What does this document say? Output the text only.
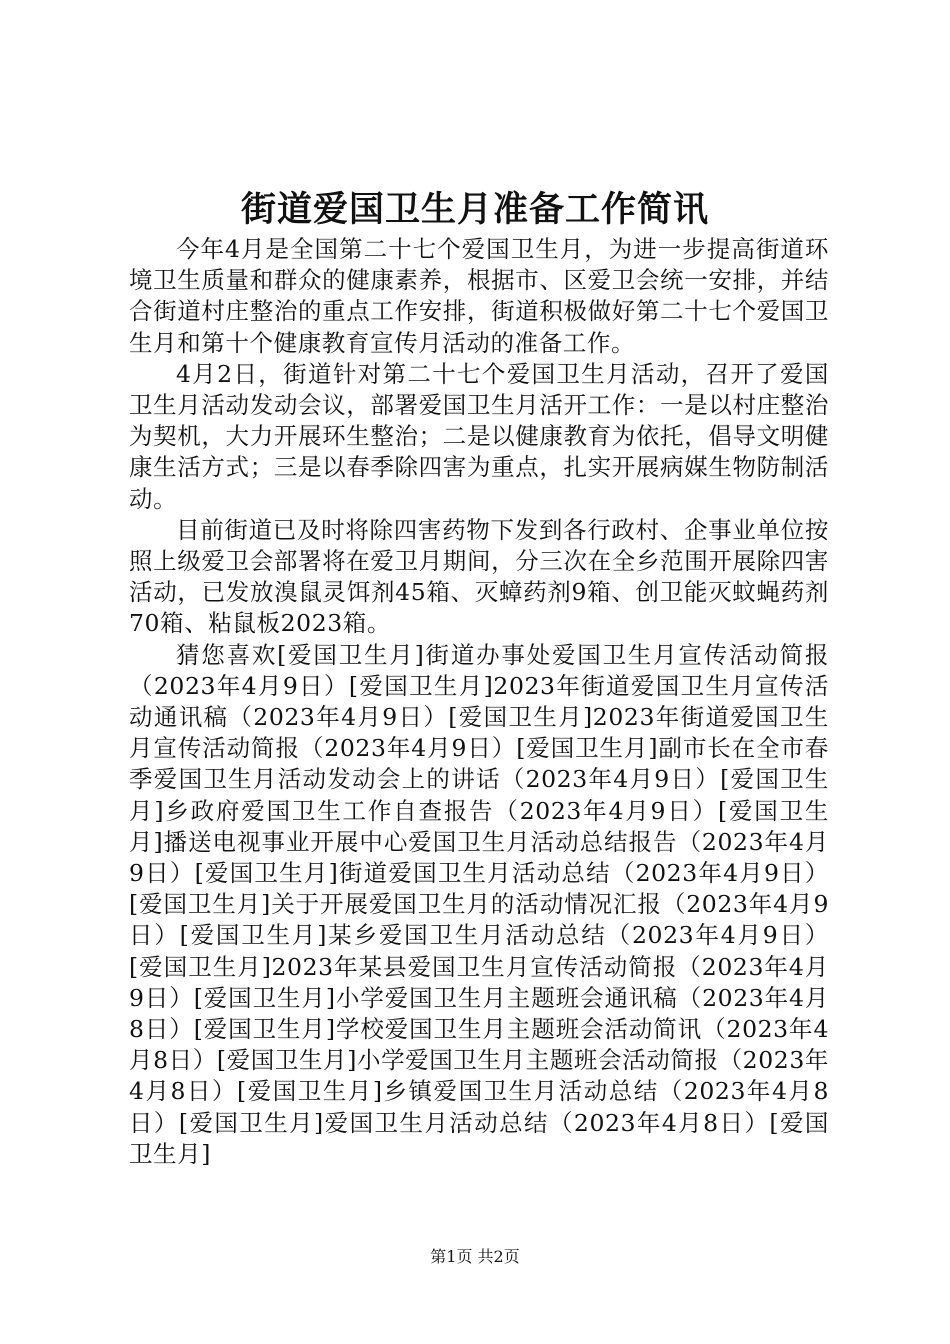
街道爱国卫生月准备工作简讯

今年4月是全国第二十七个爱国卫生月，为进一步提高街道环境卫生质量和群众的健康素养，根据市、区爱卫会统一安排，并结合街道村庄整治的重点工作安排，街道积极做好第二十七个爱国卫生月和第十个健康教育宣传月活动的准备工作。

4月2日，街道针对第二十七个爱国卫生月活动，召开了爱国卫生月活动发动会议，部署爱国卫生月活开工作：一是以村庄整治为契机，大力开展环生整治；二是以健康教育为依托，倡导文明健康生活方式；三是以春季除四害为重点，扎实开展病媒生物防制活动。

目前街道已及时将除四害药物下发到各行政村、企事业单位按照上级爱卫会部署将在爱卫月期间，分三次在全乡范围开展除四害活动，已发放溴鼠灵饵剂45箱、灭蟑药剂9箱、创卫能灭蚊蝇药剂70箱、粘鼠板2023箱。

猜您喜欢[爱国卫生月]街道办事处爱国卫生月宣传活动简报（2023年4月9日）[爱国卫生月]2023年街道爱国卫生月宣传活动通讯稿（2023年4月9日）[爱国卫生月]2023年街道爱国卫生月宣传活动简报（2023年4月9日）[爱国卫生月]副市长在全市春季爱国卫生月活动发动会上的讲话（2023年4月9日）[爱国卫生月]乡政府爱国卫生工作自查报告（2023年4月9日）[爱国卫生月]播送电视事业开展中心爱国卫生月活动总结报告（2023年4月9日）[爱国卫生月]街道爱国卫生月活动总结（2023年4月9日）[爱国卫生月]关于开展爱国卫生月的活动情况汇报（2023年4月9日）[爱国卫生月]某乡爱国卫生月活动总结（2023年4月9日）[爱国卫生月]2023年某县爱国卫生月宣传活动简报（2023年4月9日）[爱国卫生月]小学爱国卫生月主题班会通讯稿（2023年4月8日）[爱国卫生月]学校爱国卫生月主题班会活动简讯（2023年4月8日）[爱国卫生月]小学爱国卫生月主题班会活动简报（2023年4月8日）[爱国卫生月]乡镇爱国卫生月活动总结（2023年4月8日）[爱国卫生月]爱国卫生月活动总结（2023年4月8日）[爱国卫生月]

第1页 共2页
